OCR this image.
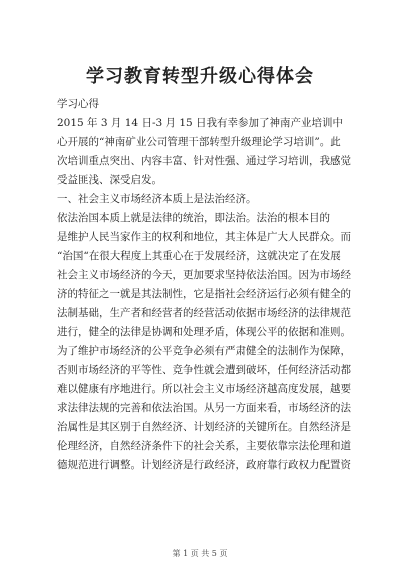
学习教育转型升级心得体会

学习心得

2015 年 3 月 14 日-3 月 15 日我有幸参加了神南产业培训中

心开展的“神南矿业公司管理干部转型升级理论学习培训”。此

次培训重点突出、内容丰富、针对性强、通过学习培训，我感觉

受益匪浅、深受启发。

一、社会主义市场经济本质上是法治经济。

依法治国本质上就是法律的统治，即法治。法治的根本目的

是维护人民当家作主的权利和地位，其主体是广大人民群众。而

“治国“在很大程度上其重心在于发展经济，这就决定了在发展

社会主义市场经济的今天，更加要求坚持依法治国。因为市场经

济的特征之一就是其法制性，它是指社会经济运行必须有健全的

法制基础，生产者和经营者的经营活动依据市场经济的法律规范

进行，健全的法律是协调和处理矛盾，体现公平的依据和准则。

为了维护市场经济的公平竞争必须有严肃健全的法制作为保障，

否则市场经济的平等性、竞争性就会遭到破坏，任何经济活动都

难以健康有序地进行。所以社会主义市场经济越高度发展，越要

求法律法规的完善和依法治国。从另一方面来看，市场经济的法

治属性是其区别于自然经济、计划经济的关键所在。自然经济是

伦理经济，自然经济条件下的社会关系，主要依靠宗法伦理和道

德规范进行调整。计划经济是行政经济，政府靠行政权力配置资

第 1 页 共 5 页
